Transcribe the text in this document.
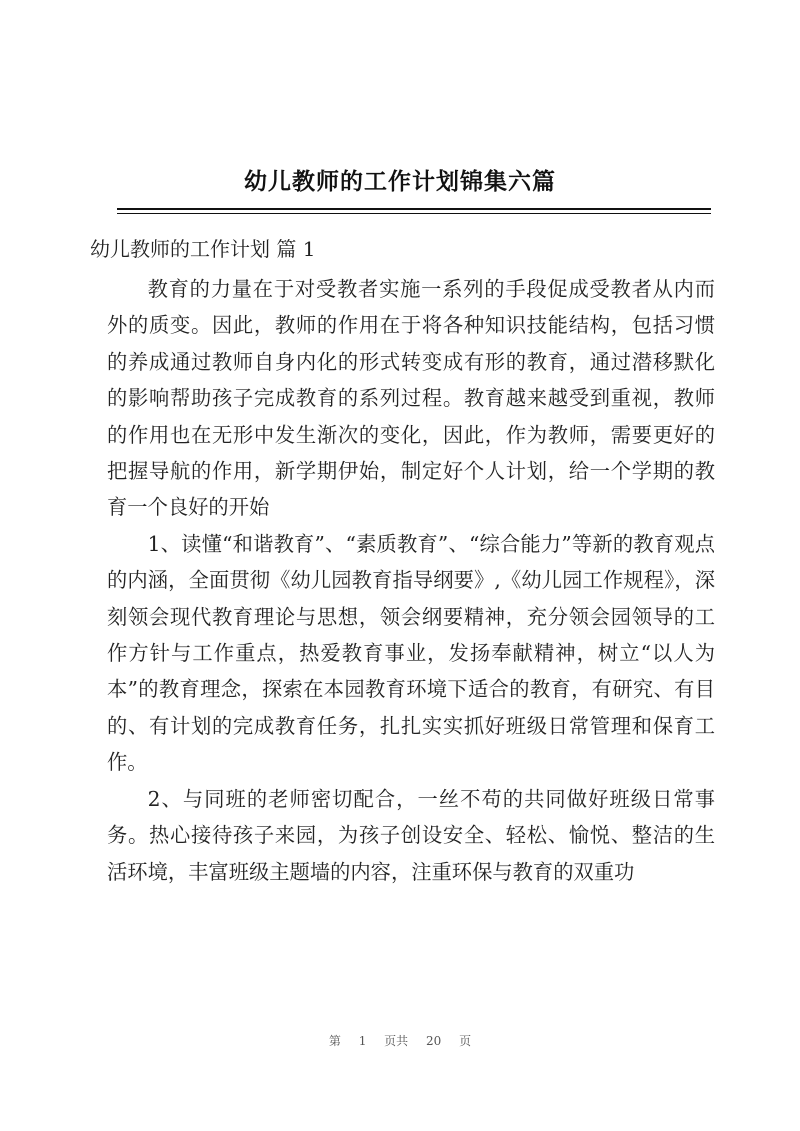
幼儿教师的工作计划锦集六篇
幼儿教师的工作计划 篇 1

教育的力量在于对受教者实施一系列的手段促成受教者从内而外的质变。因此，教师的作用在于将各种知识技能结构，包括习惯的养成通过教师自身内化的形式转变成有形的教育，通过潜移默化的影响帮助孩子完成教育的系列过程。教育越来越受到重视，教师的作用也在无形中发生渐次的变化，因此，作为教师，需要更好的把握导航的作用，新学期伊始，制定好个人计划，给一个学期的教育一个良好的开始

1、读懂“和谐教育”、“素质教育”、“综合能力”等新的教育观点的内涵，全面贯彻《幼儿园教育指导纲要》,《幼儿园工作规程》，深刻领会现代教育理论与思想，领会纲要精神，充分领会园领导的工作方针与工作重点，热爱教育事业，发扬奉献精神，树立“以人为本”的教育理念，探索在本园教育环境下适合的教育，有研究、有目的、有计划的完成教育任务，扎扎实实抓好班级日常管理和保育工作。

2、与同班的老师密切配合，一丝不苟的共同做好班级日常事务。热心接待孩子来园，为孩子创设安全、轻松、愉悦、整洁的生活环境，丰富班级主题墙的内容，注重环保与教育的双重功

第 1 页共 20 页
